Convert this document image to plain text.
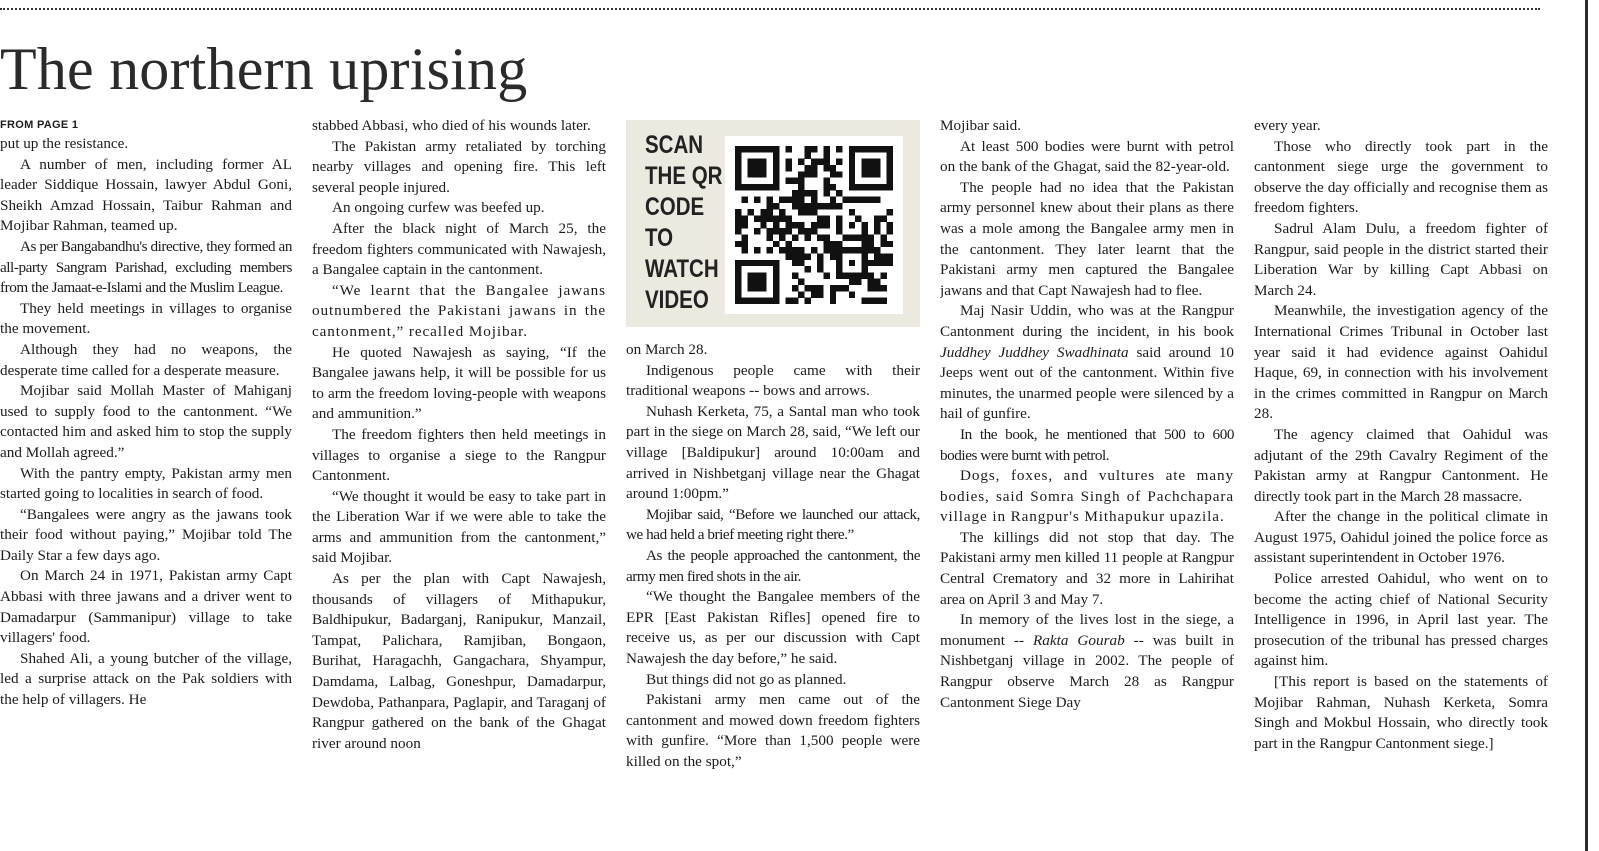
The northern uprising
FROM PAGE 1

put up the resistance.

A number of men, including former AL leader Siddique Hossain, lawyer Abdul Goni, Sheikh Amzad Hossain, Taibur Rahman and Mojibar Rahman, teamed up.

As per Bangabandhu's directive, they formed an all-party Sangram Parishad, excluding members from the Jamaat-e-Islami and the Muslim League.

They held meetings in villages to organise the movement.

Although they had no weapons, the desperate time called for a desperate measure.

Mojibar said Mollah Master of Mahiganj used to supply food to the cantonment. “We contacted him and asked him to stop the supply and Mollah agreed.”

With the pantry empty, Pakistan army men started going to localities in search of food.

“Bangalees were angry as the jawans took their food without paying,” Mojibar told The Daily Star a few days ago.

On March 24 in 1971, Pakistan army Capt Abbasi with three jawans and a driver went to Damadarpur (Sammanipur) village to take villagers' food.

Shahed Ali, a young butcher of the village, led a surprise attack on the Pak soldiers with the help of villagers. He

stabbed Abbasi, who died of his wounds later.

The Pakistan army retaliated by torching nearby villages and opening fire. This left several people injured.

An ongoing curfew was beefed up.

After the black night of March 25, the freedom fighters communicated with Nawajesh, a Bangalee captain in the cantonment.

“We learnt that the Bangalee jawans outnumbered the Pakistani jawans in the cantonment,” recalled Mojibar.

He quoted Nawajesh as saying, “If the Bangalee jawans help, it will be possible for us to arm the freedom loving-people with weapons and ammunition.”

The freedom fighters then held meetings in villages to organise a siege to the Rangpur Cantonment.

“We thought it would be easy to take part in the Liberation War if we were able to take the arms and ammunition from the cantonment,” said Mojibar.

As per the plan with Capt Nawajesh, thousands of villagers of Mithapukur, Baldhipukur, Badarganj, Ranipukur, Manzail, Tampat, Palichara, Ramjiban, Bongaon, Burihat, Haragachh, Gangachara, Shyampur, Damdama, Lalbag, Goneshpur, Damadarpur, Dewdoba, Pathanpara, Paglapir, and Taraganj of Rangpur gathered on the bank of the Ghagat river around noon

SCAN
THE QR
CODE
TO
WATCH
VIDEO

on March 28.

Indigenous people came with their traditional weapons -- bows and arrows.

Nuhash Kerketa, 75, a Santal man who took part in the siege on March 28, said, “We left our village [Baldipukur] around 10:00am and arrived in Nishbetganj village near the Ghagat around 1:00pm.”

Mojibar said, “Before we launched our attack, we had held a brief meeting right there.”

As the people approached the cantonment, the army men fired shots in the air.

“We thought the Bangalee members of the EPR [East Pakistan Rifles] opened fire to receive us, as per our discussion with Capt Nawajesh the day before,” he said.

But things did not go as planned.

Pakistani army men came out of the cantonment and mowed down freedom fighters with gunfire. “More than 1,500 people were killed on the spot,”

Mojibar said.

At least 500 bodies were burnt with petrol on the bank of the Ghagat, said the 82-year-old.

The people had no idea that the Pakistan army personnel knew about their plans as there was a mole among the Bangalee army men in the cantonment. They later learnt that the Pakistani army men captured the Bangalee jawans and that Capt Nawajesh had to flee.

Maj Nasir Uddin, who was at the Rangpur Cantonment during the incident, in his book Juddhey Juddhey Swadhinata said around 10 Jeeps went out of the cantonment. Within five minutes, the unarmed people were silenced by a hail of gunfire.

In the book, he mentioned that 500 to 600 bodies were burnt with petrol.

Dogs, foxes, and vultures ate many bodies, said Somra Singh of Pachchapara village in Rangpur's Mithapukur upazila.

The killings did not stop that day. The Pakistani army men killed 11 people at Rangpur Central Crematory and 32 more in Lahirihat area on April 3 and May 7.

In memory of the lives lost in the siege, a monument -- Rakta Gourab -- was built in Nishbetganj village in 2002. The people of Rangpur observe March 28 as Rangpur Cantonment Siege Day

every year.

Those who directly took part in the cantonment siege urge the government to observe the day officially and recognise them as freedom fighters.

Sadrul Alam Dulu, a freedom fighter of Rangpur, said people in the district started their Liberation War by killing Capt Abbasi on March 24.

Meanwhile, the investigation agency of the International Crimes Tribunal in October last year said it had evidence against Oahidul Haque, 69, in connection with his involvement in the crimes committed in Rangpur on March 28.

The agency claimed that Oahidul was adjutant of the 29th Cavalry Regiment of the Pakistan army at Rangpur Cantonment. He directly took part in the March 28 massacre.

After the change in the political climate in August 1975, Oahidul joined the police force as assistant superintendent in October 1976.

Police arrested Oahidul, who went on to become the acting chief of National Security Intelligence in 1996, in April last year. The prosecution of the tribunal has pressed charges against him.

[This report is based on the statements of Mojibar Rahman, Nuhash Kerketa, Somra Singh and Mokbul Hossain, who directly took part in the Rangpur Cantonment siege.]
